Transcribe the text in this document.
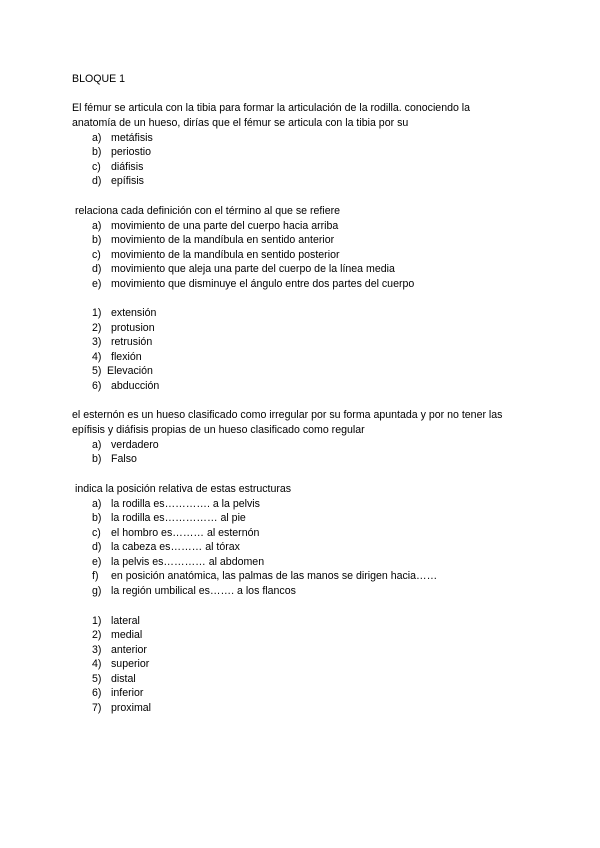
BLOQUE 1
El fémur se articula con la tibia para formar la articulación de la rodilla. conociendo la
anatomía de un hueso, dirías que el fémur se articula con la tibia por su
a) metáfisis
b) periostio
c) diáfisis
d) epífisis
relaciona cada definición con el término al que se refiere
a) movimiento de una parte del cuerpo hacia arriba
b) movimiento de la mandíbula en sentido anterior
c) movimiento de la mandíbula en sentido posterior
d) movimiento que aleja una parte del cuerpo de la línea media
e) movimiento que disminuye el ángulo entre dos partes del cuerpo
1) extensión
2) protusion
3) retrusión
4) flexión
5) Elevación
6) abducción
el esternón es un hueso clasificado como irregular por su forma apuntada y por no tener las
epífisis y diáfisis propias de un hueso clasificado como regular
a) verdadero
b) Falso
indica la posición relativa de estas estructuras
a) la rodilla es…………. a la pelvis
b) la rodilla es…………… al pie
c) el hombro es……… al esternón
d) la cabeza es……… al tórax
e) la pelvis es………… al abdomen
f) en posición anatómica, las palmas de las manos se dirigen hacia……
g) la región umbilical es……. a los flancos
1) lateral
2) medial
3) anterior
4) superior
5) distal
6) inferior
7) proximal
